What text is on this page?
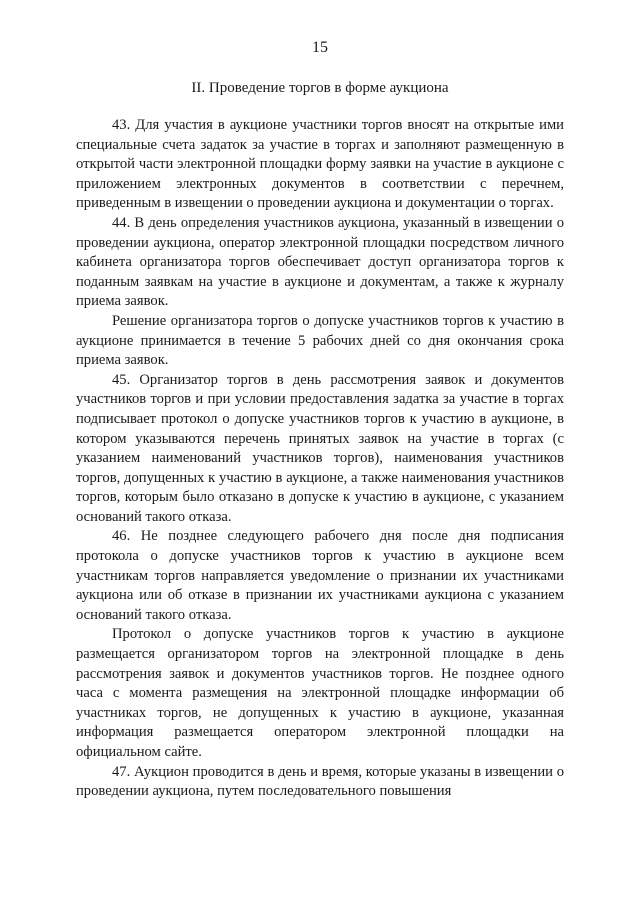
15
II. Проведение торгов в форме аукциона

43. Для участия в аукционе участники торгов вносят на открытые ими специальные счета задаток за участие в торгах и заполняют размещенную в открытой части электронной площадки форму заявки на участие в аукционе с приложением электронных документов в соответствии с перечнем, приведенным в извещении о проведении аукциона и документации о торгах.

44. В день определения участников аукциона, указанный в извещении о проведении аукциона, оператор электронной площадки посредством личного кабинета организатора торгов обеспечивает доступ организатора торгов к поданным заявкам на участие в аукционе и документам, а также к журналу приема заявок.

Решение организатора торгов о допуске участников торгов к участию в аукционе принимается в течение 5 рабочих дней со дня окончания срока приема заявок.

45. Организатор торгов в день рассмотрения заявок и документов участников торгов и при условии предоставления задатка за участие в торгах подписывает протокол о допуске участников торгов к участию в аукционе, в котором указываются перечень принятых заявок на участие в торгах (с указанием наименований участников торгов), наименования участников торгов, допущенных к участию в аукционе, а также наименования участников торгов, которым было отказано в допуске к участию в аукционе, с указанием оснований такого отказа.

46. Не позднее следующего рабочего дня после дня подписания протокола о допуске участников торгов к участию в аукционе всем участникам торгов направляется уведомление о признании их участниками аукциона или об отказе в признании их участниками аукциона с указанием оснований такого отказа.

Протокол о допуске участников торгов к участию в аукционе размещается организатором торгов на электронной площадке в день рассмотрения заявок и документов участников торгов. Не позднее одного часа с момента размещения на электронной площадке информации об участниках торгов, не допущенных к участию в аукционе, указанная информация размещается оператором электронной площадки на официальном сайте.

47. Аукцион проводится в день и время, которые указаны в извещении о проведении аукциона, путем последовательного повышения
